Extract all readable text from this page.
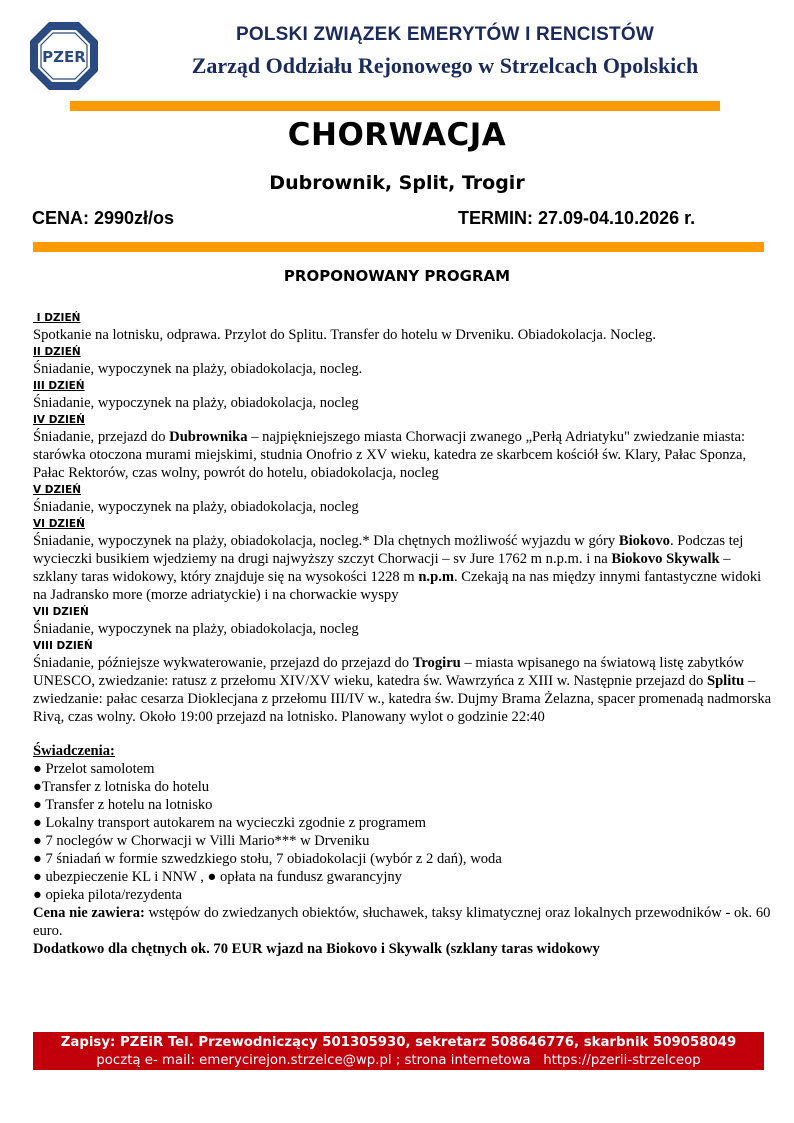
PZER
POLSKI ZWIĄZEK EMERYTÓW I RENCISTÓW
Zarząd Oddziału Rejonowego w Strzelcach Opolskich
CHORWACJA
Dubrownik, Split, Trogir
CENA: 2990zł/os	TERMIN: 27.09-04.10.2026 r.
PROPONOWANY PROGRAM
I DZIEŃ
Spotkanie na lotnisku, odprawa. Przylot do Splitu. Transfer do hotelu w Drveniku. Obiadokolacja. Nocleg.
II DZIEŃ
Śniadanie, wypoczynek na plaży, obiadokolacja, nocleg.
III DZIEŃ
Śniadanie, wypoczynek na plaży, obiadokolacja, nocleg
IV DZIEŃ
Śniadanie, przejazd do Dubrownika – najpiękniejszego miasta Chorwacji zwanego „Perłą Adriatyku" zwiedzanie miasta: starówka otoczona murami miejskimi, studnia Onofrio z XV wieku, katedra ze skarbcem kościół św. Klary, Pałac Sponza, Pałac Rektorów, czas wolny, powrót do hotelu, obiadokolacja, nocleg
V DZIEŃ
Śniadanie, wypoczynek na plaży, obiadokolacja, nocleg
VI DZIEŃ
Śniadanie, wypoczynek na plaży, obiadokolacja, nocleg.* Dla chętnych możliwość wyjazdu w góry Biokovo. Podczas tej wycieczki busikiem wjedziemy na drugi najwyższy szczyt Chorwacji – sv Jure 1762 m n.p.m. i na Biokovo Skywalk – szklany taras widokowy, który znajduje się na wysokości 1228 m n.p.m. Czekają na nas między innymi fantastyczne widoki na Jadransko more (morze adriatyckie) i na chorwackie wyspy
VII DZIEŃ
Śniadanie, wypoczynek na plaży, obiadokolacja, nocleg
VIII DZIEŃ
Śniadanie, późniejsze wykwaterowanie, przejazd do przejazd do Trogiru – miasta wpisanego na światową listę zabytków UNESCO, zwiedzanie: ratusz z przełomu XIV/XV wieku, katedra św. Wawrzyńca z XIII w. Następnie przejazd do Splitu – zwiedzanie: pałac cesarza Dioklecjana z przełomu III/IV w., katedra św. Dujmy Brama Żelazna, spacer promenadą nadmorska Rivą, czas wolny. Około 19:00 przejazd na lotnisko. Planowany wylot o godzinie 22:40
Świadczenia:
● Przelot samolotem
●Transfer z lotniska do hotelu
● Transfer z hotelu na lotnisko
● Lokalny transport autokarem na wycieczki zgodnie z programem
● 7 noclegów w Chorwacji w Villi Mario*** w Drveniku
● 7 śniadań w formie szwedzkiego stołu, 7 obiadokolacji (wybór z 2 dań), woda
● ubezpieczenie KL i NNW , ● opłata na fundusz gwarancyjny
● opieka pilota/rezydenta
Cena nie zawiera: wstępów do zwiedzanych obiektów, słuchawek, taksy klimatycznej oraz lokalnych przewodników - ok. 60 euro.
Dodatkowo dla chętnych ok. 70 EUR wjazd na Biokovo i Skywalk (szklany taras widokowy
Zapisy: PZEiR Tel. Przewodniczący 501305930, sekretarz 508646776, skarbnik 509058049
pocztą e- mail: emerycirejon.strzelce@wp.pl ; strona internetowa   https://pzerii-strzelceop
